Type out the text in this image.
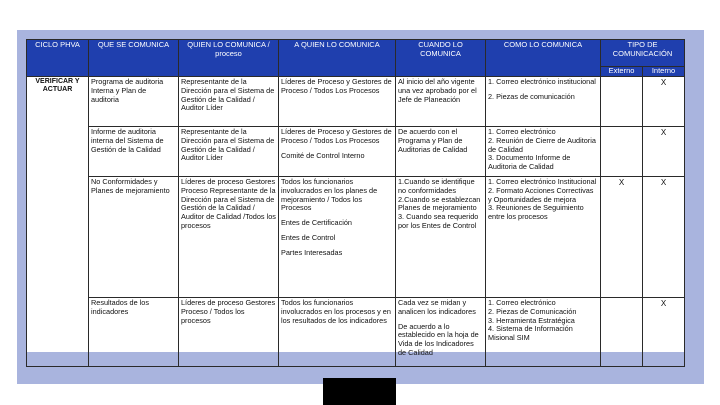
CICLO PHVA	QUE SE COMUNICA	QUIEN LO COMUNICA / proceso	A QUIEN LO COMUNICA	CUANDO LO COMUNICA	COMO LO COMUNICA	TIPO DE COMUNICACIÓN	
						Externo	Interno
VERIFICAR Y ACTUAR	Programa de auditoria Interna y Plan de auditoria	Representante de la Dirección para el Sistema de Gestión de la Calidad / Auditor Líder	Líderes de Proceso y Gestores de Proceso / Todos Los Procesos	Al inicio del año vigente una vez aprobado por el Jefe de Planeación	1. Correo electrónico institucional
2. Piezas de comunicación		X
	Informe de auditoria interna del Sistema de Gestión de la Calidad	Representante de la Dirección para el Sistema de Gestión de la Calidad / Auditor Líder	Líderes de Proceso y Gestores de Proceso / Todos Los Procesos
Comité de Control Interno	De acuerdo con el Programa y Plan de Auditorias de Calidad	1. Correo electrónico
2. Reunión de Cierre de Auditoria de Calidad
3. Documento Informe de Auditoria de Calidad		X
	No Conformidades y Planes de mejoramiento	Líderes de proceso Gestores Proceso Representante de la Dirección para el Sistema de Gestión de la Calidad / Auditor de Calidad /Todos los procesos	Todos los funcionarios involucrados en los planes de mejoramiento / Todos los Procesos
Entes de Certificación
Entes de Control
Partes Interesadas	1.Cuando se identifique no conformidades
2.Cuando se establezcan Planes de mejoramiento
3. Cuando sea requerido por los Entes de Control	1. Correo electrónico Institucional
2. Formato Acciones Correctivas y Oportunidades de mejora
3. Reuniones de Seguimiento entre los procesos	X	X
	Resultados de los indicadores	Líderes de proceso Gestores Proceso / Todos los procesos	Todos los funcionarios involucrados en los procesos y en los resultados de los indicadores	Cada vez se midan y analicen los indicadores
De acuerdo a lo establecido en la hoja de Vida de los Indicadores de Calidad	1. Correo electrónico
2. Piezas de Comunicación
3. Herramienta Estratégica
4. Sistema de Información Misional SIM		X
